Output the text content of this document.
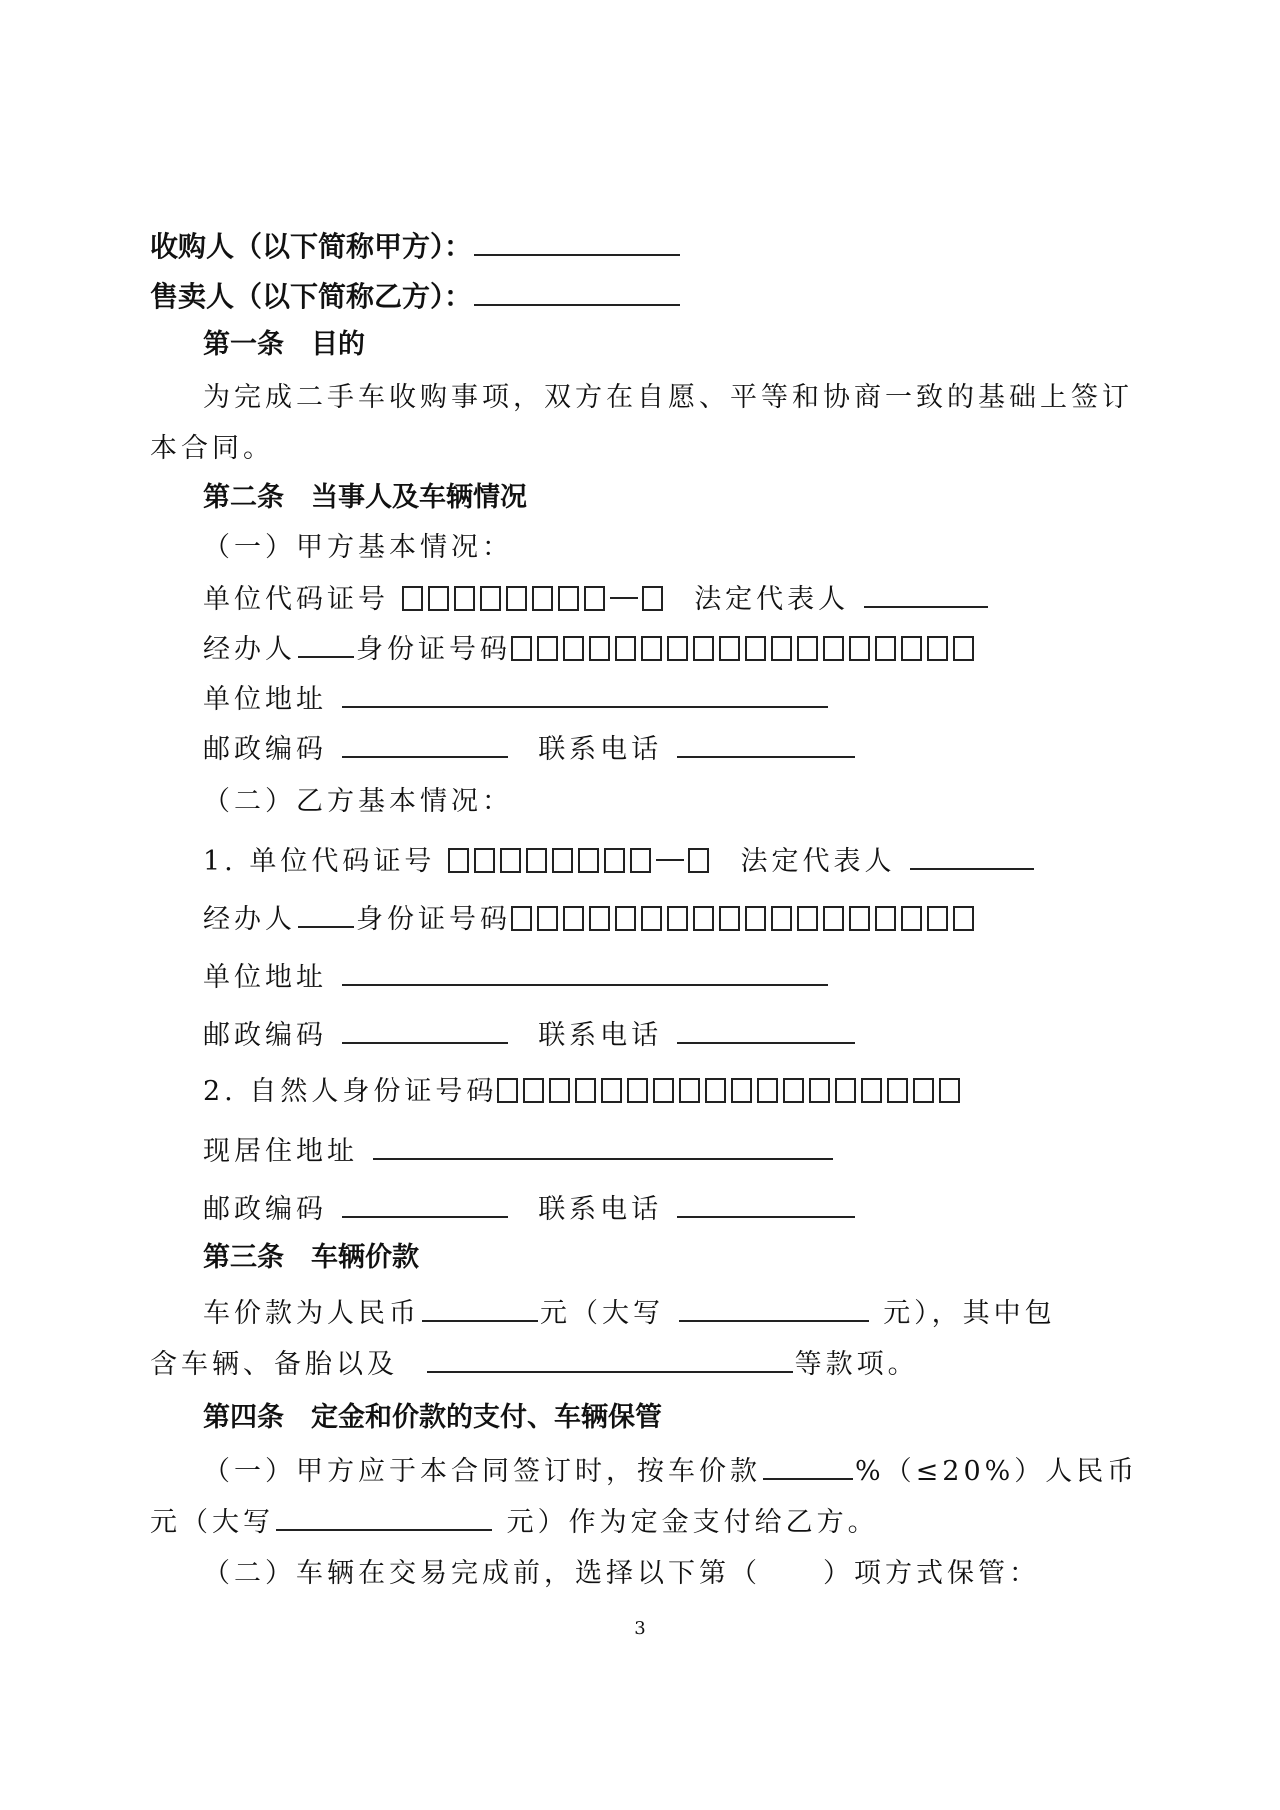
收购人（以下简称甲方）：
售卖人（以下简称乙方）：
第一条　目的
为完成二手车收购事项，双方在自愿、平等和协商一致的基础上签订
本合同。
第二条　当事人及车辆情况
（一）甲方基本情况：
单位代码证号	法定代表人
经办人 身份证号码
单位地址
邮政编码	联系电话
（二）乙方基本情况：
1. 单位代码证号	法定代表人
经办人 身份证号码
单位地址
邮政编码	联系电话
2. 自然人身份证号码
现居住地址
邮政编码	联系电话
第三条　车辆价款
车价款为人民币	元（大写	元），其中包
含车辆、备胎以及	等款项。
第四条　定金和价款的支付、车辆保管
（一）甲方应于本合同签订时，按车价款	%（≤20%）人民币
元（大写	元）作为定金支付给乙方。
（二）车辆在交易完成前，选择以下第（　　）项方式保管：
3
